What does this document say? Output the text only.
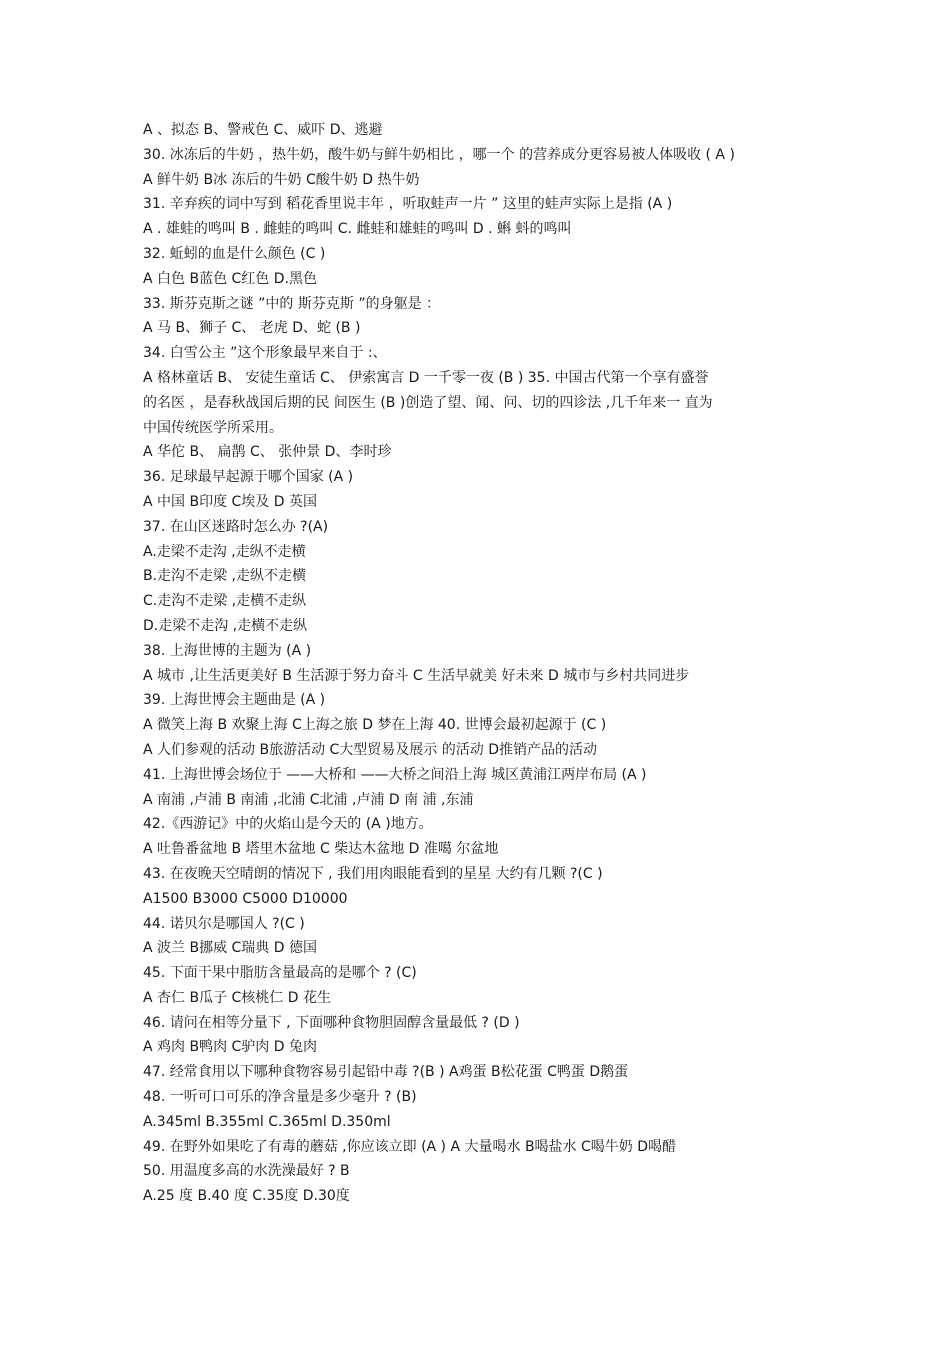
A 、拟态 B、警戒色 C、威吓 D、逃避
30. 冰冻后的牛奶 ，热牛奶，酸牛奶与鲜牛奶相比 ，哪一个 的营养成分更容易被人体吸收 ( A )
A 鲜牛奶 B冰 冻后的牛奶 C酸牛奶 D 热牛奶
31. 辛弃疾的词中写到 稻花香里说丰年 ，听取蛙声一片 ” 这里的蛙声实际上是指 (A )
A . 雄蛙的鸣叫 B . 雌蛙的鸣叫 C. 雌蛙和雄蛙的鸣叫 D . 蝌 蚪的鸣叫
32. 蚯蚓的血是什么颜色 (C )
A 白色 B蓝色 C红色 D.黑色
33. 斯芬克斯之谜 ”中的 斯芬克斯 ”的身躯是 ：
A 马 B、狮子 C、 老虎 D、蛇 (B )
34. 白雪公主 ”这个形象最早来自于 :、
A 格林童话 B、 安徒生童话 C、 伊索寓言 D 一千零一夜 (B ) 35. 中国古代第一个享有盛誉
的名医 ，是春秋战国后期的民 间医生 (B )创造了望、闻、问、切的四诊法 ,几千年来一 直为
中国传统医学所采用。
A 华佗 B、 扁鹊 C、 张仲景 D、李时珍
36. 足球最早起源于哪个国家 (A )
A 中国 B印度 C埃及 D 英国
37. 在山区迷路时怎么办 ?(A)
A.走梁不走沟 ,走纵不走横
B.走沟不走梁 ,走纵不走横
C.走沟不走梁 ,走横不走纵
D.走梁不走沟 ,走横不走纵
38. 上海世博的主题为 (A )
A 城市 ,让生活更美好 B 生活源于努力奋斗 C 生活早就美 好未来 D 城市与乡村共同进步
39. 上海世博会主题曲是 (A )
A 微笑上海 B 欢聚上海 C上海之旅 D 梦在上海 40. 世博会最初起源于 (C )
A 人们参观的活动 B旅游活动 C大型贸易及展示 的活动 D推销产品的活动
41. 上海世博会场位于 ——大桥和 ——大桥之间沿上海 城区黄浦江两岸布局 (A )
A 南浦 ,卢浦 B 南浦 ,北浦 C北浦 ,卢浦 D 南 浦 ,东浦
42.《西游记》中的火焰山是今天的 (A )地方。
A 吐鲁番盆地 B 塔里木盆地 C 柴达木盆地 D 准噶 尔盆地
43. 在夜晚天空晴朗的情况下 , 我们用肉眼能看到的星星 大约有几颗 ?(C )
A1500 B3000 C5000 D10000
44. 诺贝尔是哪国人 ?(C )
A 波兰 B挪威 C瑞典 D 德国
45. 下面干果中脂肪含量最高的是哪个 ? (C)
A 杏仁 B瓜子 C核桃仁 D 花生
46. 请问在相等分量下 , 下面哪种食物胆固醇含量最低 ? (D )
A 鸡肉 B鸭肉 C驴肉 D 兔肉
47. 经常食用以下哪种食物容易引起铅中毒 ?(B ) A鸡蛋 B松花蛋 C鸭蛋 D鹅蛋
48. 一听可口可乐的净含量是多少毫升 ? (B)
A.345ml B.355ml C.365ml D.350ml
49. 在野外如果吃了有毒的蘑菇 ,你应该立即 (A ) A 大量喝水 B喝盐水 C喝牛奶 D喝醋
50. 用温度多高的水洗澡最好 ? B
A.25 度 B.40 度 C.35度 D.30度
